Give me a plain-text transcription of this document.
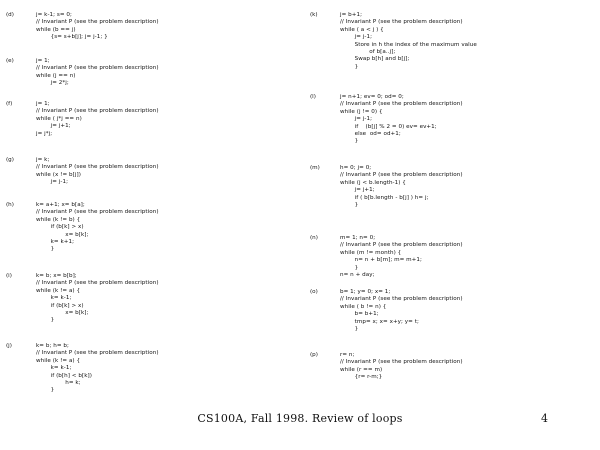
(d)	j= k-1; s= 0;
// Invariant P (see the problem description)
while (b == j)
{s= s+b[j]; j= j-1; }
(e)	j= 1;
// Invariant P (see the problem description)
while (j == n)
j= 2*j;
(f)	j= 1;
// Invariant P (see the problem description)
while ( j*j == n)
j= j+1;
j= j*j;
(g)	j= k;
// Invariant P (see the problem description)
while (x != b[j])
j= j-1;
(h)	k= a+1; x= b[a];
// Invariant P (see the problem description)
while (k != b) {
if (b[k] > x)
x= b[k];
k= k+1;
}
(i)	k= b; x= b[b];
// Invariant P (see the problem description)
while (k != a) {
k= k-1;
if (b[k] > x)
x= b[k];
}
(j)	k= b; h= b;
// Invariant P (see the problem description)
while (k != a) {
k= k-1;
if (b[h] < b[k])
h= k;
}
(k)	j= b+1;
// Invariant P (see the problem description)
while ( a < j ) {
j= j-1;
Store in h the index of the maximum value
of b[a..j];
Swap b[h] and b[j];
}
(l)	j= n+1; ev= 0; od= 0;
// Invariant P (see the problem description)
while (j != 0) {
j= j-1;
if    (b[j] % 2 = 0) ev= ev+1;
else  od= od+1;
}
(m)	h= 0; j= 0;
// Invariant P (see the problem description)
while (j < b.length-1) {
j= j+1;
if ( b[b.length - b[j] ) h= j;
}
(n)	m= 1; n= 0;
// Invariant P (see the problem description)
while (m != month) {
n= n + b[m]; m= m+1;
}
n= n + day;
(o)	b= 1; y= 0; x= 1;
// Invariant P (see the problem description)
while ( b != n) {
b= b+1;
tmp= x; x= x+y; y= t;
}
(p)	r= n;
// Invariant P (see the problem description)
while (r == m)
{r= r-m;}
CS100A, Fall 1998. Review of loops	4
